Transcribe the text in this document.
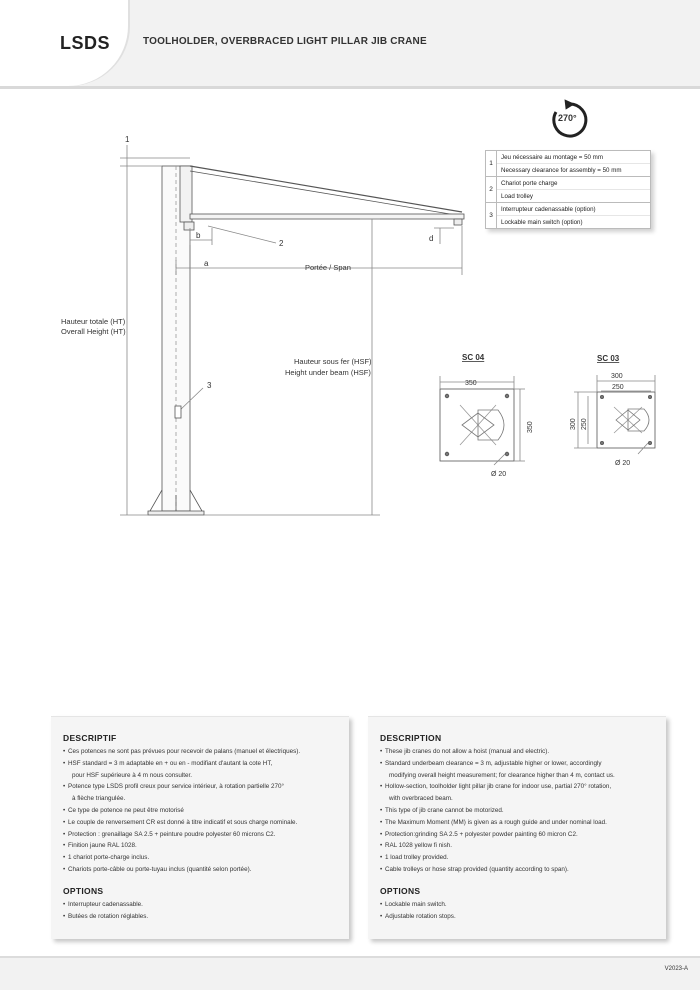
LSDS	TOOLHOLDER, OVERBRACED LIGHT PILLAR JIB CRANE
270°
1
b
2
d
a	Portée / Span
Hauteur totale (HT)
Overall Height (HT)
Hauteur sous fer (HSF)
Height under beam (HSF)
3
SC 04
350
350
Ø 20
SC 03
300
250
300 250
Ø 20
1
Jeu nécessaire au montage = 50 mm
Necessary clearance for assembly = 50 mm
2
Chariot porte charge
Load trolley
3
Interrupteur cadenassable (option)
Lockable main switch (option)
DESCRIPTIF
• Ces potences ne sont pas prévues pour recevoir de palans (manuel et électriques).
• HSF standard = 3 m adaptable en + ou en - modifiant d'autant la cote HT,
pour HSF supérieure à 4 m nous consulter.
• Potence type LSDS profil creux pour service intérieur, à rotation partielle 270°
à flèche triangulée.
• Ce type de potence ne peut être motorisé
• Le couple de renversement CR est donné à titre indicatif et sous charge nominale.
• Protection : grenaillage SA 2.5 + peinture poudre polyester 60 microns C2.
• Finition jaune RAL 1028.
• 1 chariot porte-charge inclus.
• Chariots porte-câble ou porte-tuyau inclus (quantité selon portée).
OPTIONS
• Interrupteur cadenassable.
• Butées de rotation réglables.
DESCRIPTION
• These jib cranes do not allow a hoist (manual and electric).
• Standard underbeam clearance = 3 m, adjustable higher or lower, accordingly
modifying overall height measurement; for clearance higher than 4 m, contact us.
• Hollow-section, toolholder light pillar jib crane for indoor use, partial 270° rotation,
with overbraced beam.
• This type of jib crane cannot be motorized.
• The Maximum Moment (MM) is given as a rough guide and under nominal load.
• Protection:grinding SA 2.5 + polyester powder painting 60 micron C2.
• RAL 1028 yellow fi nish.
• 1 load trolley provided.
• Cable trolleys or hose strap provided (quantity according to span).
OPTIONS
• Lockable main switch.
• Adjustable rotation stops.
V2023-A
